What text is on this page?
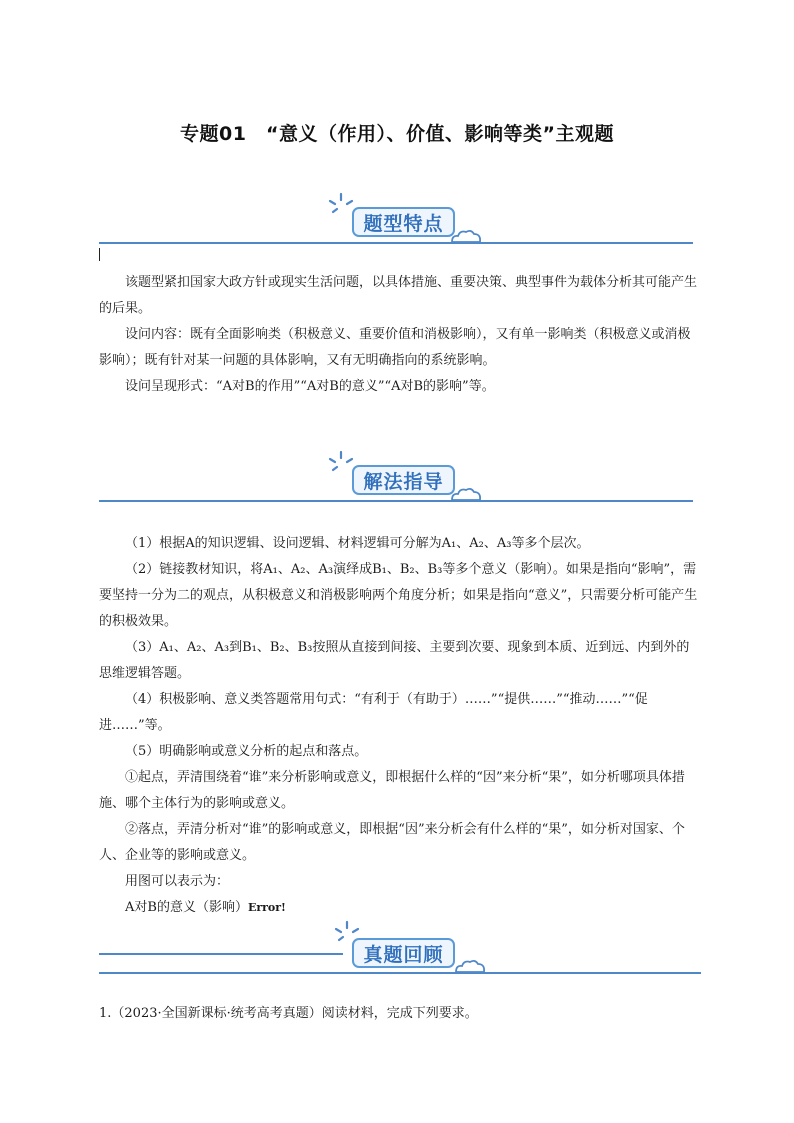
专题01　“意义（作用）、价值、影响等类”主观题
题型特点

该题型紧扣国家大政方针或现实生活问题，以具体措施、重要决策、典型事件为载体分析其可能产生的后果。

设问内容：既有全面影响类（积极意义、重要价值和消极影响），又有单一影响类（积极意义或消极影响）；既有针对某一问题的具体影响，又有无明确指向的系统影响。

设问呈现形式：“A对B的作用”“A对B的意义”“A对B的影响”等。

解法指导

（1）根据A的知识逻辑、设问逻辑、材料逻辑可分解为A₁、A₂、A₃等多个层次。

（2）链接教材知识，将A₁、A₂、A₃演绎成B₁、B₂、B₃等多个意义（影响）。如果是指向“影响”，需要坚持一分为二的观点，从积极意义和消极影响两个角度分析；如果是指向“意义”，只需要分析可能产生的积极效果。

（3）A₁、A₂、A₃到B₁、B₂、B₃按照从直接到间接、主要到次要、现象到本质、近到远、内到外的思维逻辑答题。

（4）积极影响、意义类答题常用句式：“有利于（有助于）……”“提供……”“推动……”“促进……”等。

（5）明确影响或意义分析的起点和落点。

①起点，弄清围绕着“谁”来分析影响或意义，即根据什么样的“因”来分析“果”，如分析哪项具体措施、哪个主体行为的影响或意义。

②落点，弄清分析对“谁”的影响或意义，即根据“因”来分析会有什么样的“果”，如分析对国家、个人、企业等的影响或意义。

用图可以表示为：

A对B的意义（影响）Error!

真题回顾
1.（2023·全国新课标·统考高考真题）阅读材料，完成下列要求。
